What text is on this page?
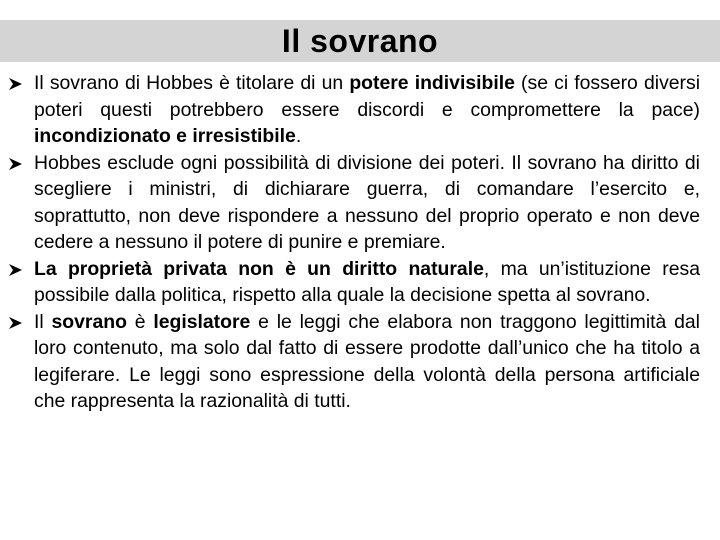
Il sovrano
Il sovrano di Hobbes è titolare di un potere indivisibile (se ci fossero diversi poteri questi potrebbero essere discordi e compromettere la pace) incondizionato e irresistibile.
Hobbes esclude ogni possibilità di divisione dei poteri. Il sovrano ha diritto di scegliere i ministri, di dichiarare guerra, di comandare l’esercito e, soprattutto, non deve rispondere a nessuno del proprio operato e non deve cedere a nessuno il potere di punire e premiare.
La proprietà privata non è un diritto naturale, ma un’istituzione resa possibile dalla politica, rispetto alla quale la decisione spetta al sovrano.
Il sovrano è legislatore e le leggi che elabora non traggono legittimità dal loro contenuto, ma solo dal fatto di essere prodotte dall’unico che ha titolo a legiferare. Le leggi sono espressione della volontà della persona artificiale che rappresenta la razionalità di tutti.
